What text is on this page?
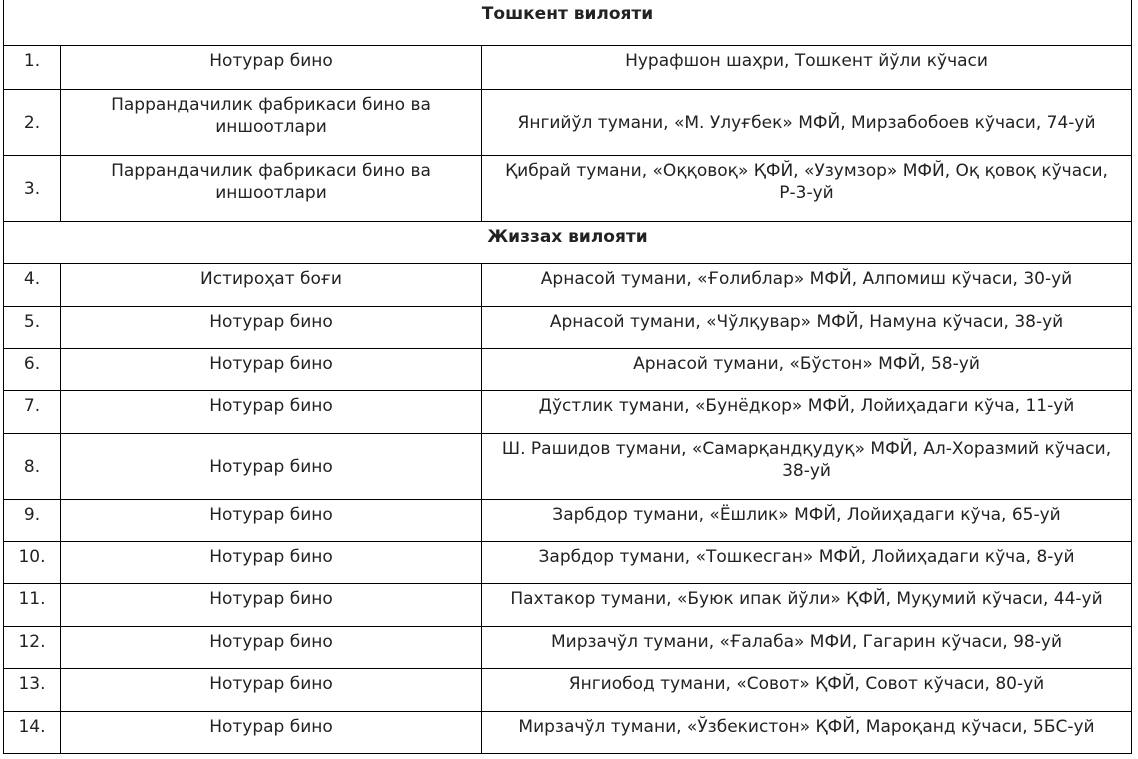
Тошкент вилояти		
1.	Нотурар бино	Нурафшон шаҳри, Тошкент йўли кўчаси
2.	Паррандачилик фабрикаси бино ва иншоотлари	Янгийўл тумани, «М. Улуғбек» МФЙ, Мирзабобоев кўчаси, 74-уй
3.	Паррандачилик фабрикаси бино ва иншоотлари	Қибрай тумани, «Оққовоқ» ҚФЙ, «Узумзор» МФЙ, Оқ қовоқ кўчаси, Р-3-уй
Жиззах вилояти		
4.	Истироҳат боғи	Арнасой тумани, «Ғолиблар» МФЙ, Алпомиш кўчаси, 30-уй
5.	Нотурар бино	Арнасой тумани, «Чўлқувар» МФЙ, Намуна кўчаси, 38-уй
6.	Нотурар бино	Арнасой тумани, «Бўстон» МФЙ, 58-уй
7.	Нотурар бино	Дўстлик тумани, «Бунёдкор» МФЙ, Лойиҳадаги кўча, 11-уй
8.	Нотурар бино	Ш. Рашидов тумани, «Самарқандқудуқ» МФЙ, Ал-Хоразмий кўчаси, 38-уй
9.	Нотурар бино	Зарбдор тумани, «Ёшлик» МФЙ, Лойиҳадаги кўча, 65-уй
10.	Нотурар бино	Зарбдор тумани, «Тошкесган» МФЙ, Лойиҳадаги кўча, 8-уй
11.	Нотурар бино	Пахтакор тумани, «Буюк ипак йўли» ҚФЙ, Муқумий кўчаси, 44-уй
12.	Нотурар бино	Мирзачўл тумани, «Ғалаба» МФИ, Гагарин кўчаси, 98-уй
13.	Нотурар бино	Янгиобод тумани, «Совот» ҚФЙ, Совот кўчаси, 80-уй
14.	Нотурар бино	Мирзачўл тумани, «Ўзбекистон» ҚФЙ, Мароқанд кўчаси, 5БС-уй
